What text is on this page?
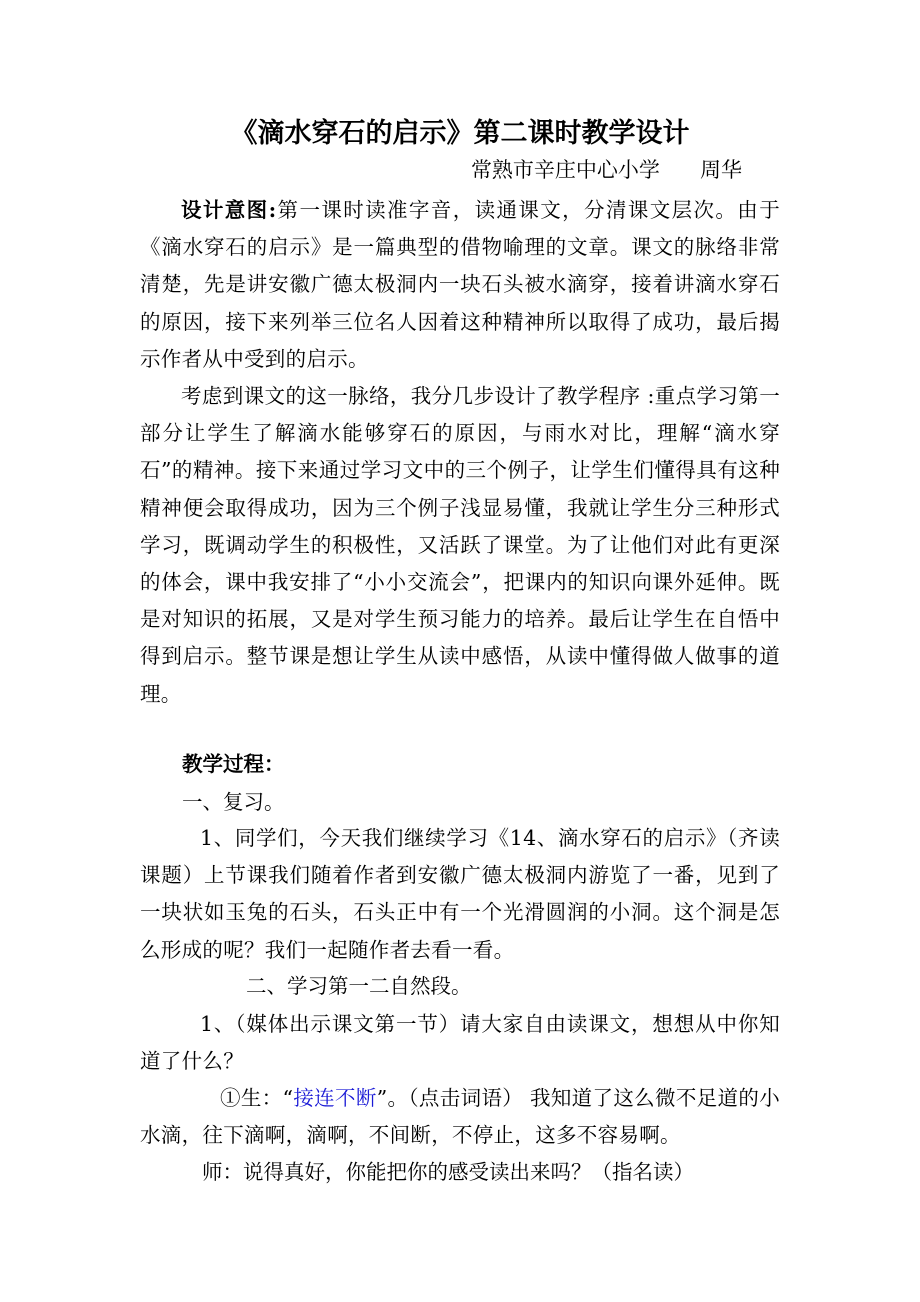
《滴水穿石的启示》第二课时教学设计
常熟市辛庄中心小学      周华
设计意图:第一课时读准字音，读通课文，分清课文层次。由于《滴水穿石的启示》是一篇典型的借物喻理的文章。课文的脉络非常清楚，先是讲安徽广德太极洞内一块石头被水滴穿，接着讲滴水穿石的原因，接下来列举三位名人因着这种精神所以取得了成功，最后揭示作者从中受到的启示。
考虑到课文的这一脉络，我分几步设计了教学程序 :重点学习第一部分让学生了解滴水能够穿石的原因，与雨水对比，理解“滴水穿石”的精神。接下来通过学习文中的三个例子，让学生们懂得具有这种精神便会取得成功，因为三个例子浅显易懂，我就让学生分三种形式学习，既调动学生的积极性，又活跃了课堂。为了让他们对此有更深的体会，课中我安排了“小小交流会”，把课内的知识向课外延伸。既是对知识的拓展，又是对学生预习能力的培养。最后让学生在自悟中得到启示。整节课是想让学生从读中感悟，从读中懂得做人做事的道理。
教学过程：
一、复习。
1、同学们，今天我们继续学习《14、滴水穿石的启示》（齐读课题）上节课我们随着作者到安徽广德太极洞内游览了一番，见到了一块状如玉兔的石头，石头正中有一个光滑圆润的小洞。这个洞是怎么形成的呢？我们一起随作者去看一看。
二、学习第一二自然段。
1、（媒体出示课文第一节）请大家自由读课文，想想从中你知道了什么？
①生：“接连不断”。（点击词语） 我知道了这么微不足道的小水滴，往下滴啊，滴啊，不间断，不停止，这多不容易啊。
师：说得真好，你能把你的感受读出来吗？（指名读）
